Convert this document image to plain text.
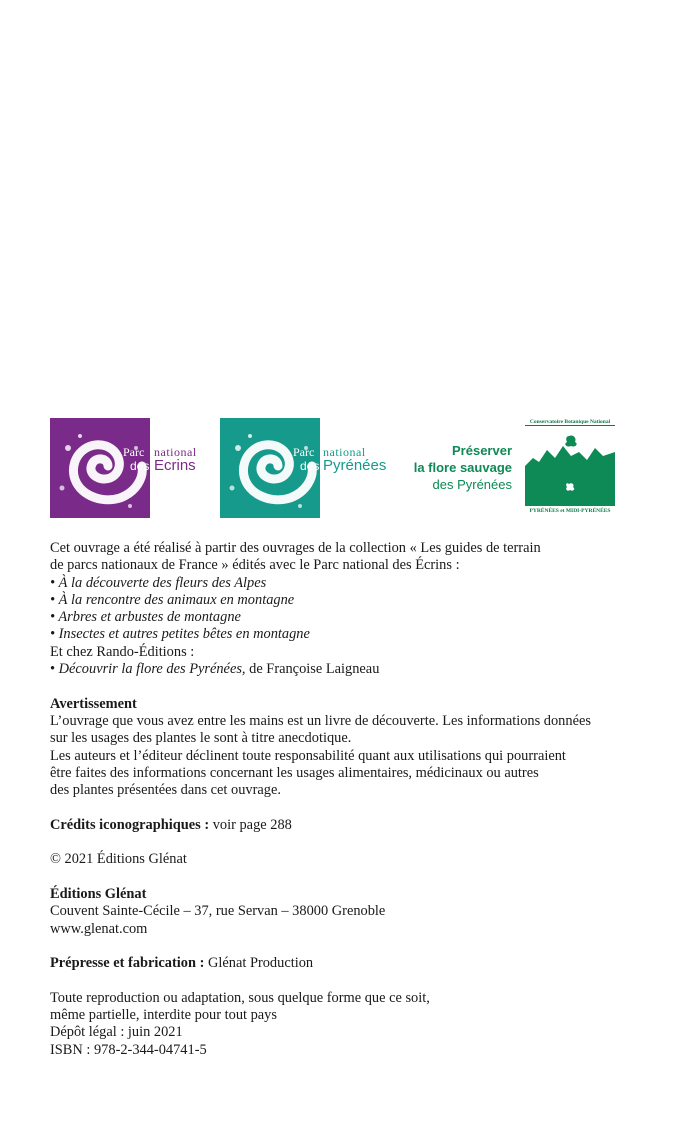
Parc
des
national
Ecrins
Parc
des
national
Pyrénées
Préserver
la flore sauvage
des Pyrénées
Conservatoire Botanique National
PYRÉNÉES et MIDI-PYRÉNÉES

Cet ouvrage a été réalisé à partir des ouvrages de la collection « Les guides de terrain

de parcs nationaux de France » édités avec le Parc national des Écrins :

• À la découverte des fleurs des Alpes

• À la rencontre des animaux en montagne

• Arbres et arbustes de montagne

• Insectes et autres petites bêtes en montagne

Et chez Rando-Éditions :

• Découvrir la flore des Pyrénées, de Françoise Laigneau

Avertissement

L’ouvrage que vous avez entre les mains est un livre de découverte. Les informations données

sur les usages des plantes le sont à titre anecdotique.

Les auteurs et l’éditeur déclinent toute responsabilité quant aux utilisations qui pourraient

être faites des informations concernant les usages alimentaires, médicinaux ou autres

des plantes présentées dans cet ouvrage.

Crédits iconographiques : voir page 288

© 2021 Éditions Glénat

Éditions Glénat

Couvent Sainte-Cécile – 37, rue Servan – 38000 Grenoble

www.glenat.com

Prépresse et fabrication : Glénat Production

Toute reproduction ou adaptation, sous quelque forme que ce soit,

même partielle, interdite pour tout pays

Dépôt légal : juin 2021

ISBN : 978-2-344-04741-5
